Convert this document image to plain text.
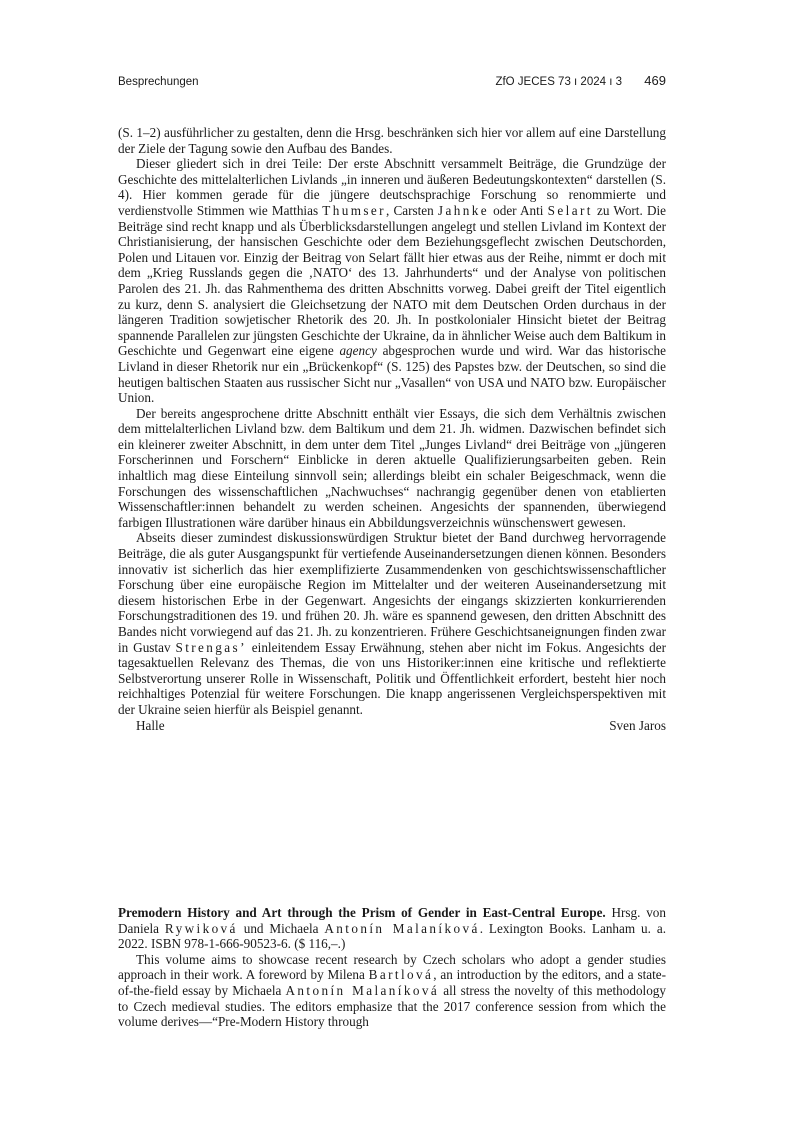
Besprechungen	ZfO JECES 73 ı 2024 ı 3 469

(S. 1–2) ausführlicher zu gestalten, denn die Hrsg. beschränken sich hier vor allem auf eine Darstellung der Ziele der Tagung sowie den Aufbau des Bandes.

Dieser gliedert sich in drei Teile: Der erste Abschnitt versammelt Beiträge, die Grundzüge der Geschichte des mittelalterlichen Livlands „in inneren und äußeren Bedeutungskontexten“ darstellen (S. 4). Hier kommen gerade für die jüngere deutschsprachige Forschung so renommierte und verdienstvolle Stimmen wie Matthias Thumser, Carsten Jahnke oder Anti Selart zu Wort. Die Beiträge sind recht knapp und als Überblicksdarstellungen angelegt und stellen Livland im Kontext der Christianisierung, der hansischen Geschichte oder dem Beziehungsgeflecht zwischen Deutschorden, Polen und Litauen vor. Einzig der Beitrag von Selart fällt hier etwas aus der Reihe, nimmt er doch mit dem „Krieg Russlands gegen die ‚NATO‘ des 13. Jahrhunderts“ und der Analyse von politischen Parolen des 21. Jh. das Rahmenthema des dritten Abschnitts vorweg. Dabei greift der Titel eigentlich zu kurz, denn S. analysiert die Gleichsetzung der NATO mit dem Deutschen Orden durchaus in der längeren Tradition sowjetischer Rhetorik des 20. Jh. In postkolonialer Hinsicht bietet der Beitrag spannende Parallelen zur jüngsten Geschichte der Ukraine, da in ähnlicher Weise auch dem Baltikum in Geschichte und Gegenwart eine eigene agency abgesprochen wurde und wird. War das historische Livland in dieser Rhetorik nur ein „Brückenkopf“ (S. 125) des Papstes bzw. der Deutschen, so sind die heutigen baltischen Staaten aus russischer Sicht nur „Vasallen“ von USA und NATO bzw. Europäischer Union.

Der bereits angesprochene dritte Abschnitt enthält vier Essays, die sich dem Verhältnis zwischen dem mittelalterlichen Livland bzw. dem Baltikum und dem 21. Jh. widmen. Dazwischen befindet sich ein kleinerer zweiter Abschnitt, in dem unter dem Titel „Junges Livland“ drei Beiträge von „jüngeren Forscherinnen und Forschern“ Einblicke in deren aktuelle Qualifizierungsarbeiten geben. Rein inhaltlich mag diese Einteilung sinnvoll sein; allerdings bleibt ein schaler Beigeschmack, wenn die Forschungen des wissenschaftlichen „Nachwuchses“ nachrangig gegenüber denen von etablierten Wissenschaftler:innen behandelt zu werden scheinen. Angesichts der spannenden, überwiegend farbigen Illustrationen wäre darüber hinaus ein Abbildungsverzeichnis wünschenswert gewesen.

Abseits dieser zumindest diskussionswürdigen Struktur bietet der Band durchweg hervorragende Beiträge, die als guter Ausgangspunkt für vertiefende Auseinandersetzungen dienen können. Besonders innovativ ist sicherlich das hier exemplifizierte Zusammendenken von geschichtswissenschaftlicher Forschung über eine europäische Region im Mittelalter und der weiteren Auseinandersetzung mit diesem historischen Erbe in der Gegenwart. Angesichts der eingangs skizzierten konkurrierenden Forschungstraditionen des 19. und frühen 20. Jh. wäre es spannend gewesen, den dritten Abschnitt des Bandes nicht vorwiegend auf das 21. Jh. zu konzentrieren. Frühere Geschichtsaneignungen finden zwar in Gustav Strengas’ einleitendem Essay Erwähnung, stehen aber nicht im Fokus. Angesichts der tagesaktuellen Relevanz des Themas, die von uns Historiker:innen eine kritische und reflektierte Selbstverortung unserer Rolle in Wissenschaft, Politik und Öffentlichkeit erfordert, besteht hier noch reichhaltiges Potenzial für weitere Forschungen. Die knapp angerissenen Vergleichsperspektiven mit der Ukraine seien hierfür als Beispiel genannt.

Halle	Sven Jaros

Premodern History and Art through the Prism of Gender in East-Central Europe. Hrsg. von Daniela Rywiková und Michaela Antonín Malaníková. Lexington Books. Lanham u. a. 2022. ISBN 978-1-666-90523-6. ($ 116,–.)

This volume aims to showcase recent research by Czech scholars who adopt a gender studies approach in their work. A foreword by Milena Bartlová, an introduction by the editors, and a state-of-the-field essay by Michaela Antonín Malaníková all stress the novelty of this methodology to Czech medieval studies. The editors emphasize that the 2017 conference session from which the volume derives—“Pre-Modern History through
